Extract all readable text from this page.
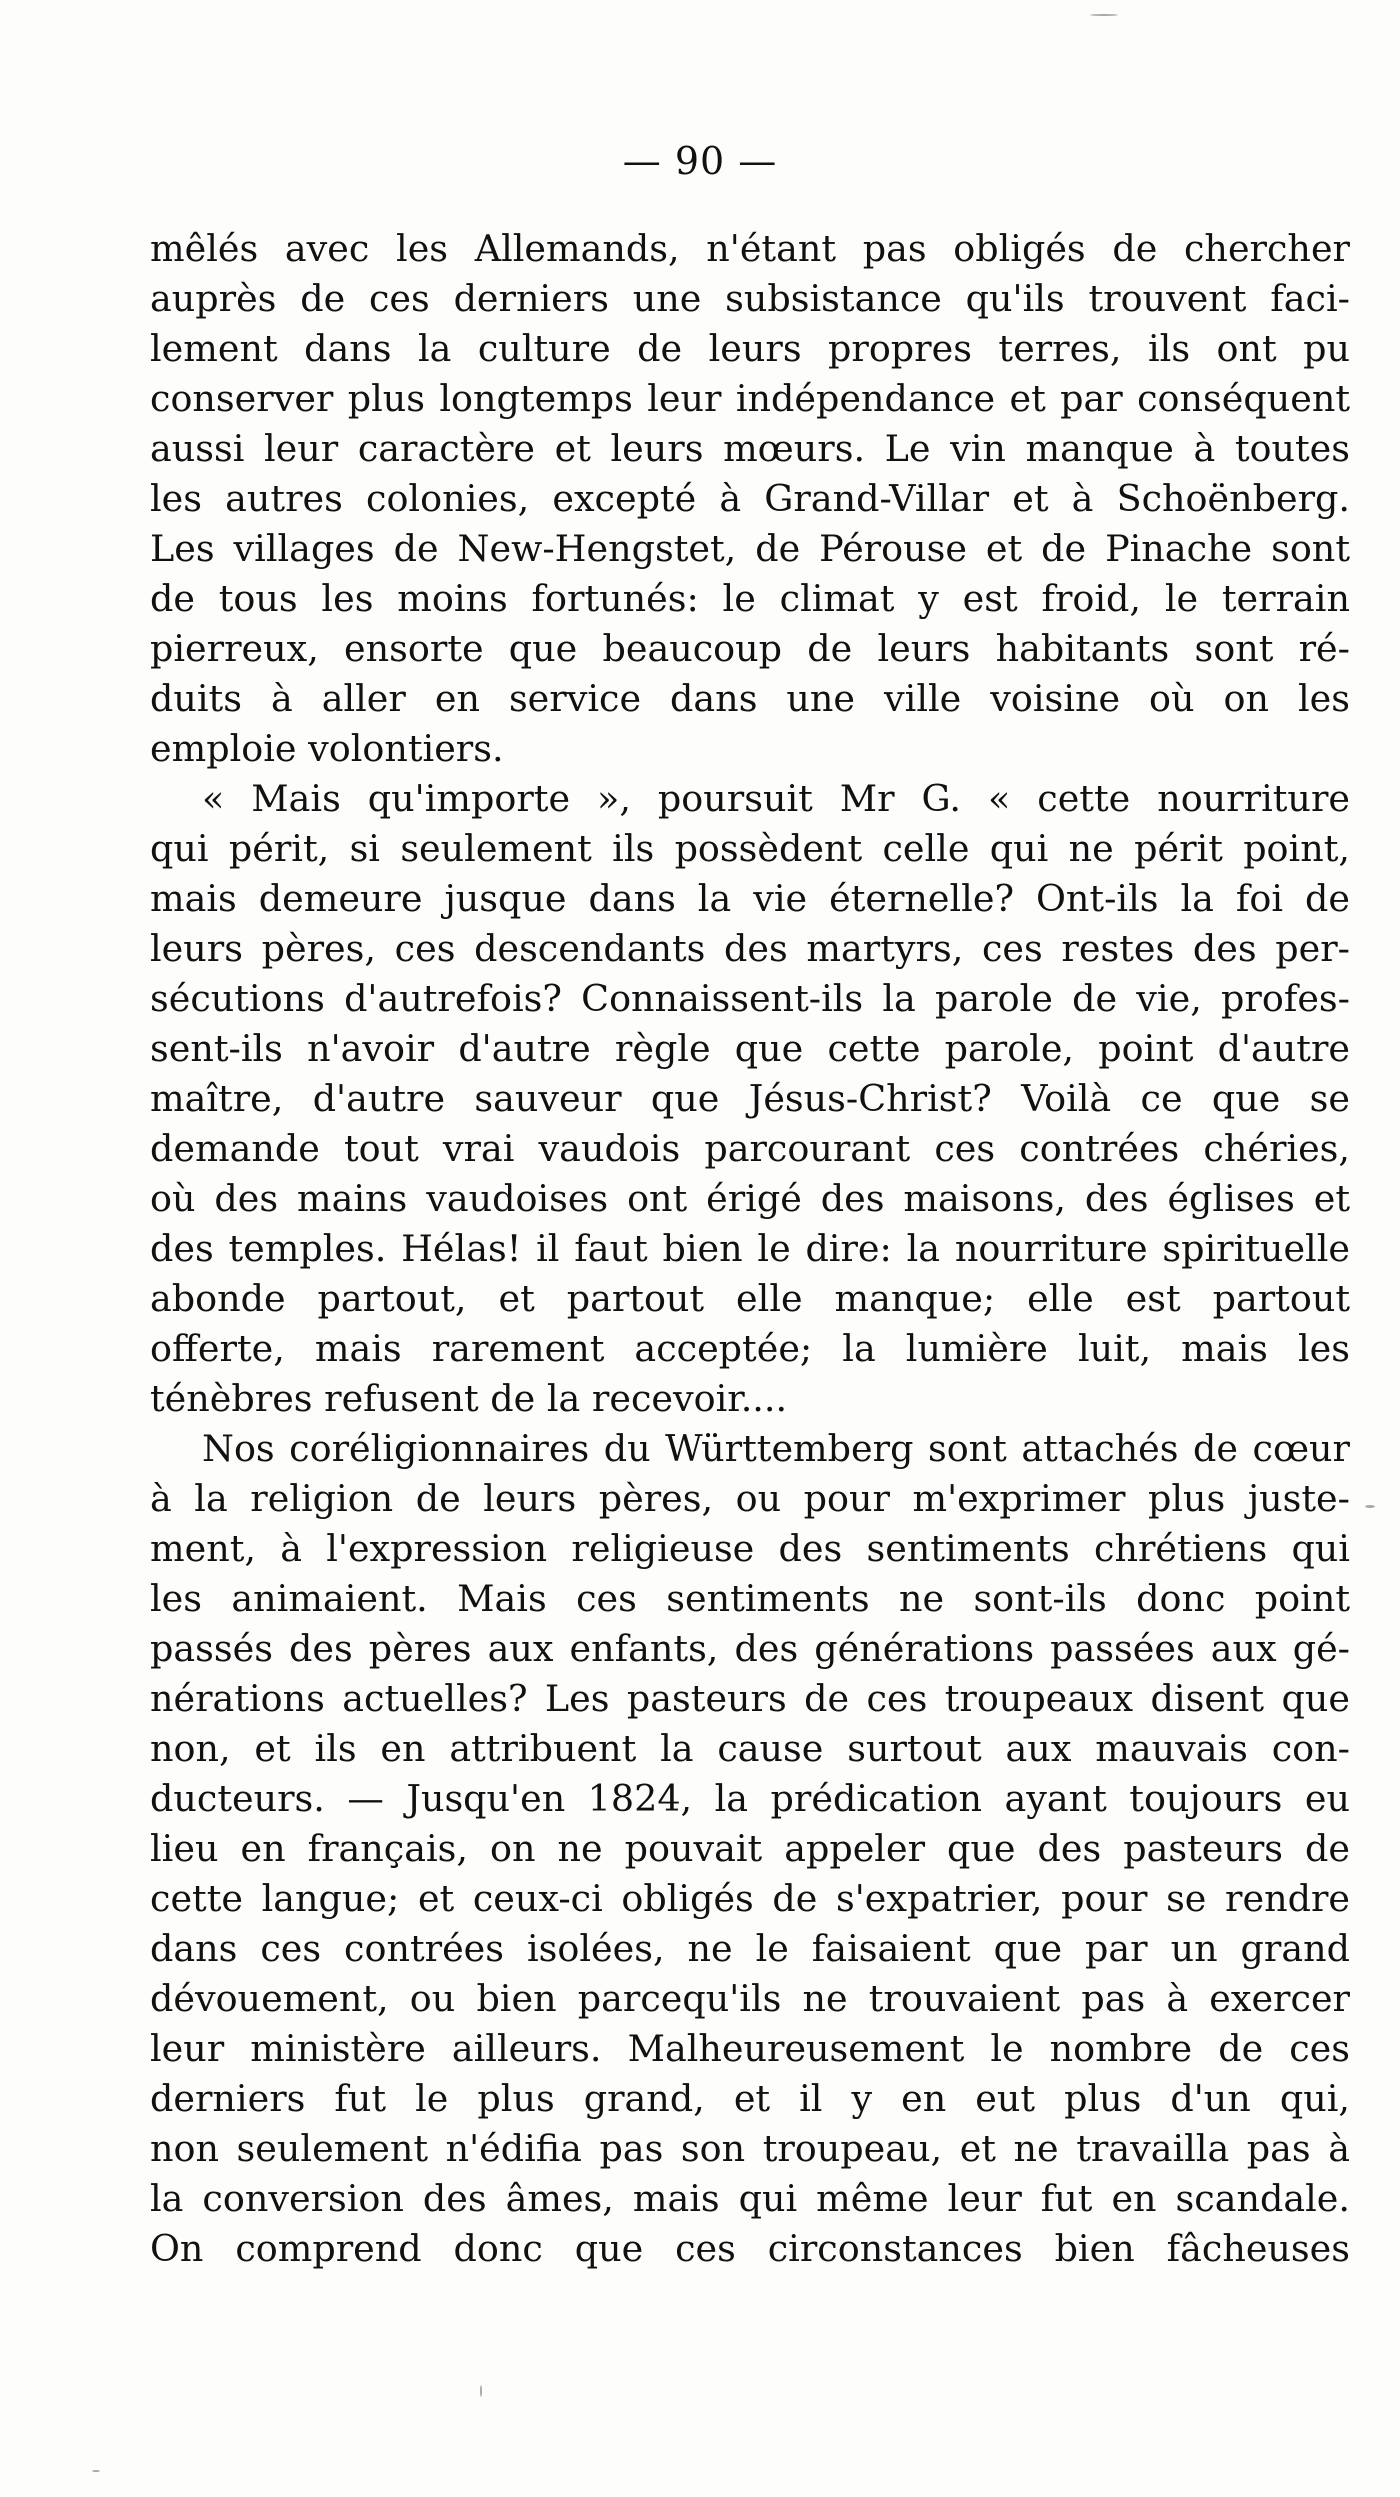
— 90 —
mêlés avec les Allemands, n'étant pas obligés de chercher
auprès de ces derniers une subsistance qu'ils trouvent faci-
lement dans la culture de leurs propres terres, ils ont pu
conserver plus longtemps leur indépendance et par conséquent
aussi leur caractère et leurs mœurs. Le vin manque à toutes
les autres colonies, excepté à Grand-Villar et à Schoënberg.
Les villages de New-Hengstet, de Pérouse et de Pinache sont
de tous les moins fortunés: le climat y est froid, le terrain
pierreux, ensorte que beaucoup de leurs habitants sont ré-
duits à aller en service dans une ville voisine où on les
emploie volontiers.
« Mais qu'importe », poursuit Mr G. « cette nourriture
qui périt, si seulement ils possèdent celle qui ne périt point,
mais demeure jusque dans la vie éternelle? Ont-ils la foi de
leurs pères, ces descendants des martyrs, ces restes des per-
sécutions d'autrefois? Connaissent-ils la parole de vie, profes-
sent-ils n'avoir d'autre règle que cette parole, point d'autre
maître, d'autre sauveur que Jésus-Christ? Voilà ce que se
demande tout vrai vaudois parcourant ces contrées chéries,
où des mains vaudoises ont érigé des maisons, des églises et
des temples. Hélas! il faut bien le dire: la nourriture spirituelle
abonde partout, et partout elle manque; elle est partout
offerte, mais rarement acceptée; la lumière luit, mais les
ténèbres refusent de la recevoir....
Nos coréligionnaires du Württemberg sont attachés de cœur
à la religion de leurs pères, ou pour m'exprimer plus juste-
ment, à l'expression religieuse des sentiments chrétiens qui
les animaient. Mais ces sentiments ne sont-ils donc point
passés des pères aux enfants, des générations passées aux gé-
nérations actuelles? Les pasteurs de ces troupeaux disent que
non, et ils en attribuent la cause surtout aux mauvais con-
ducteurs. — Jusqu'en 1824, la prédication ayant toujours eu
lieu en français, on ne pouvait appeler que des pasteurs de
cette langue; et ceux-ci obligés de s'expatrier, pour se rendre
dans ces contrées isolées, ne le faisaient que par un grand
dévouement, ou bien parcequ'ils ne trouvaient pas à exercer
leur ministère ailleurs. Malheureusement le nombre de ces
derniers fut le plus grand, et il y en eut plus d'un qui,
non seulement n'édifia pas son troupeau, et ne travailla pas à
la conversion des âmes, mais qui même leur fut en scandale.
On comprend donc que ces circonstances bien fâcheuses
